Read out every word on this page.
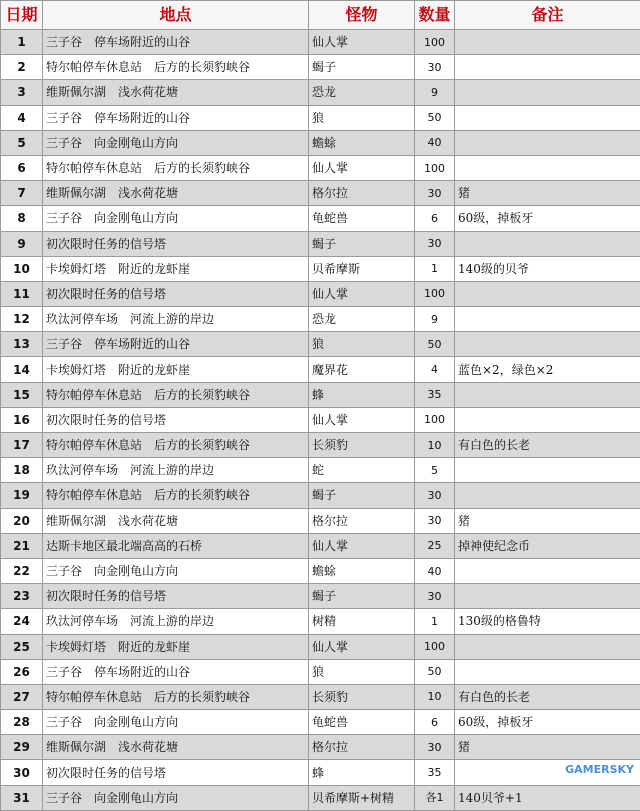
日期	地点	怪物	数量	备注
1	三子谷　停车场附近的山谷	仙人掌	100	
2	特尔帕停车休息站　后方的长须豹峡谷	蝎子	30	
3	维斯佩尔湖　浅水荷花塘	恐龙	9	
4	三子谷　停车场附近的山谷	狼	50	
5	三子谷　向金刚龟山方向	蟾蜍	40	
6	特尔帕停车休息站　后方的长须豹峡谷	仙人掌	100	
7	维斯佩尔湖　浅水荷花塘	格尔拉	30	猪
8	三子谷　向金刚龟山方向	龟蛇兽	6	60级，掉板牙
9	初次限时任务的信号塔	蝎子	30	
10	卡埃姆灯塔　附近的龙虾崖	贝希摩斯	1	140级的贝爷
11	初次限时任务的信号塔	仙人掌	100	
12	玖汰河停车场　河流上游的岸边	恐龙	9	
13	三子谷　停车场附近的山谷	狼	50	
14	卡埃姆灯塔　附近的龙虾崖	魔界花	4	蓝色×2，绿色×2
15	特尔帕停车休息站　后方的长须豹峡谷	蜂	35	
16	初次限时任务的信号塔	仙人掌	100	
17	特尔帕停车休息站　后方的长须豹峡谷	长须豹	10	有白色的长老
18	玖汰河停车场　河流上游的岸边	蛇	5	
19	特尔帕停车休息站　后方的长须豹峡谷	蝎子	30	
20	维斯佩尔湖　浅水荷花塘	格尔拉	30	猪
21	达斯卡地区最北端高高的石桥	仙人掌	25	掉神使纪念币
22	三子谷　向金刚龟山方向	蟾蜍	40	
23	初次限时任务的信号塔	蝎子	30	
24	玖汰河停车场　河流上游的岸边	树精	1	130级的格鲁特
25	卡埃姆灯塔　附近的龙虾崖	仙人掌	100	
26	三子谷　停车场附近的山谷	狼	50	
27	特尔帕停车休息站　后方的长须豹峡谷	长须豹	10	有白色的长老
28	三子谷　向金刚龟山方向	龟蛇兽	6	60级，掉板牙
29	维斯佩尔湖　浅水荷花塘	格尔拉	30	猪
30	初次限时任务的信号塔	蜂	35	
31	三子谷　向金刚龟山方向	贝希摩斯+树精	各1	140贝爷+1
GAMERSKY
